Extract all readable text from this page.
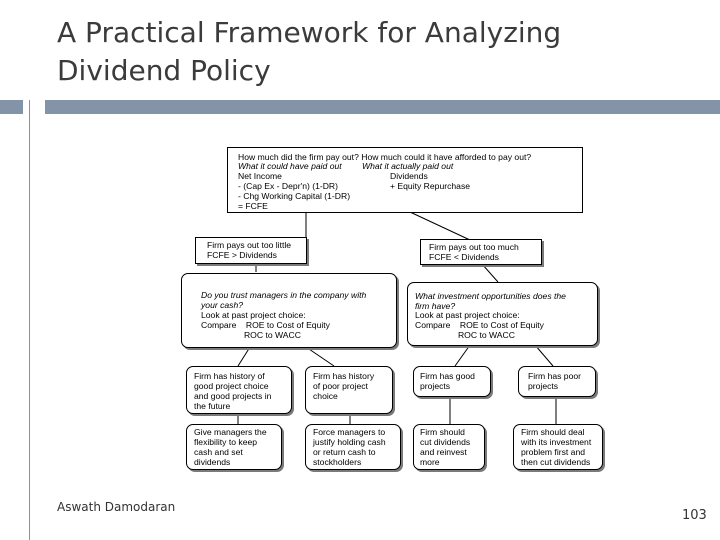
A Practical Framework for Analyzing
Dividend Policy
How much did the firm pay out? How much could it have afforded to pay out?
What it could have paid out What it actually paid out
Net Income
- (Cap Ex - Depr'n) (1-DR)
- Chg Working Capital (1-DR)
= FCFE
Dividends
+ Equity Repurchase
Firm pays out too little
FCFE > Dividends
Firm pays out too much
FCFE < Dividends
Do you trust managers in the company with
your cash?
Look at past project choice:
Compare    ROE to Cost of Equity
ROC to WACC
What investment opportunities does the
firm have?
Look at past project choice:
Compare    ROE to Cost of Equity
ROC to WACC
Firm has history of
good project choice
and good projects in
the future
Firm has history
of poor project
choice
Firm has good
projects
Firm has poor
projects
Give managers the
flexibility to keep
cash and set
dividends
Force managers to
justify holding cash
or return cash to
stockholders
Firm should
cut dividends
and reinvest
more
Firm should deal
with its investment
problem first and
then cut dividends
Aswath Damodaran
103
